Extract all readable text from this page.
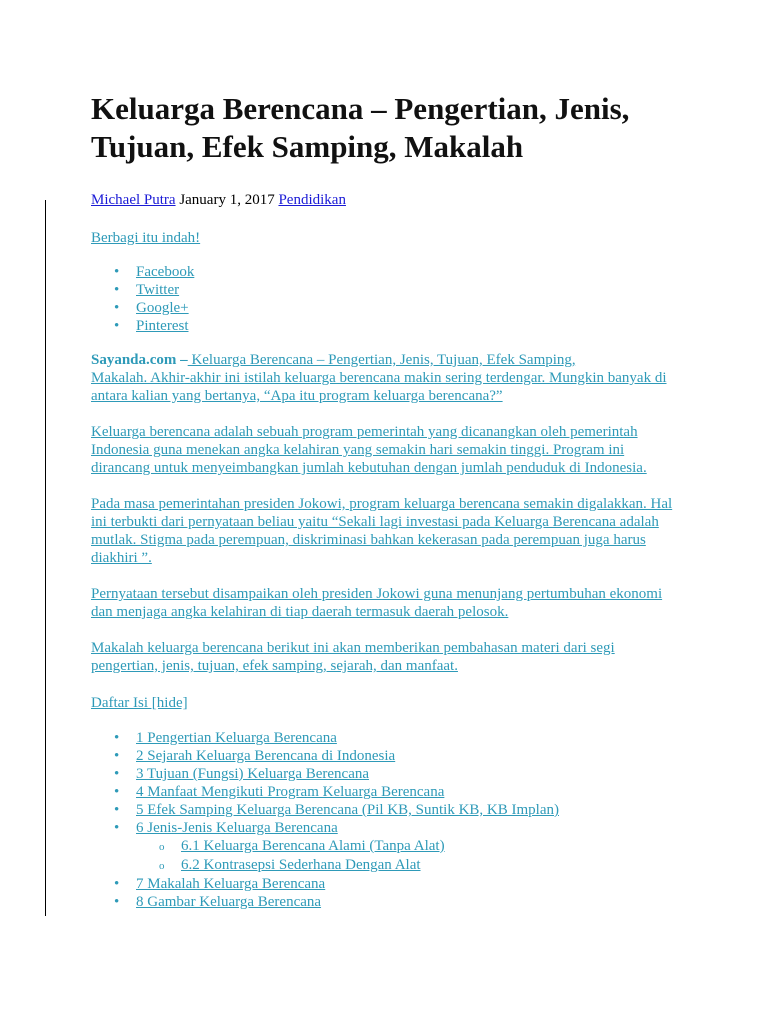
Keluarga Berencana – Pengertian, Jenis, Tujuan, Efek Samping, Makalah
Michael Putra January 1, 2017 Pendidikan
Berbagi itu indah!
• Facebook
• Twitter
• Google+
• Pinterest

Sayanda.com – Keluarga Berencana – Pengertian, Jenis, Tujuan, Efek Samping,
Makalah. Akhir-akhir ini istilah keluarga berencana makin sering terdengar. Mungkin banyak di antara kalian yang bertanya, “Apa itu program keluarga berencana?”

Keluarga berencana adalah sebuah program pemerintah yang dicanangkan oleh pemerintah Indonesia guna menekan angka kelahiran yang semakin hari semakin tinggi. Program ini dirancang untuk menyeimbangkan jumlah kebutuhan dengan jumlah penduduk di Indonesia.

Pada masa pemerintahan presiden Jokowi, program keluarga berencana semakin digalakkan. Hal ini terbukti dari pernyataan beliau yaitu “Sekali lagi investasi pada Keluarga Berencana adalah mutlak. Stigma pada perempuan, diskriminasi bahkan kekerasan pada perempuan juga harus diakhiri ”.

Pernyataan tersebut disampaikan oleh presiden Jokowi guna menunjang pertumbuhan ekonomi dan menjaga angka kelahiran di tiap daerah termasuk daerah pelosok.

Makalah keluarga berencana berikut ini akan memberikan pembahasan materi dari segi pengertian, jenis, tujuan, efek samping, sejarah, dan manfaat.

Daftar Isi [hide]
• 1 Pengertian Keluarga Berencana
• 2 Sejarah Keluarga Berencana di Indonesia
• 3 Tujuan (Fungsi) Keluarga Berencana
• 4 Manfaat Mengikuti Program Keluarga Berencana
• 5 Efek Samping Keluarga Berencana (Pil KB, Suntik KB, KB Implan)
• 6 Jenis-Jenis Keluarga Berencana
o 6.1 Keluarga Berencana Alami (Tanpa Alat)
o 6.2 Kontrasepsi Sederhana Dengan Alat
• 7 Makalah Keluarga Berencana
• 8 Gambar Keluarga Berencana
